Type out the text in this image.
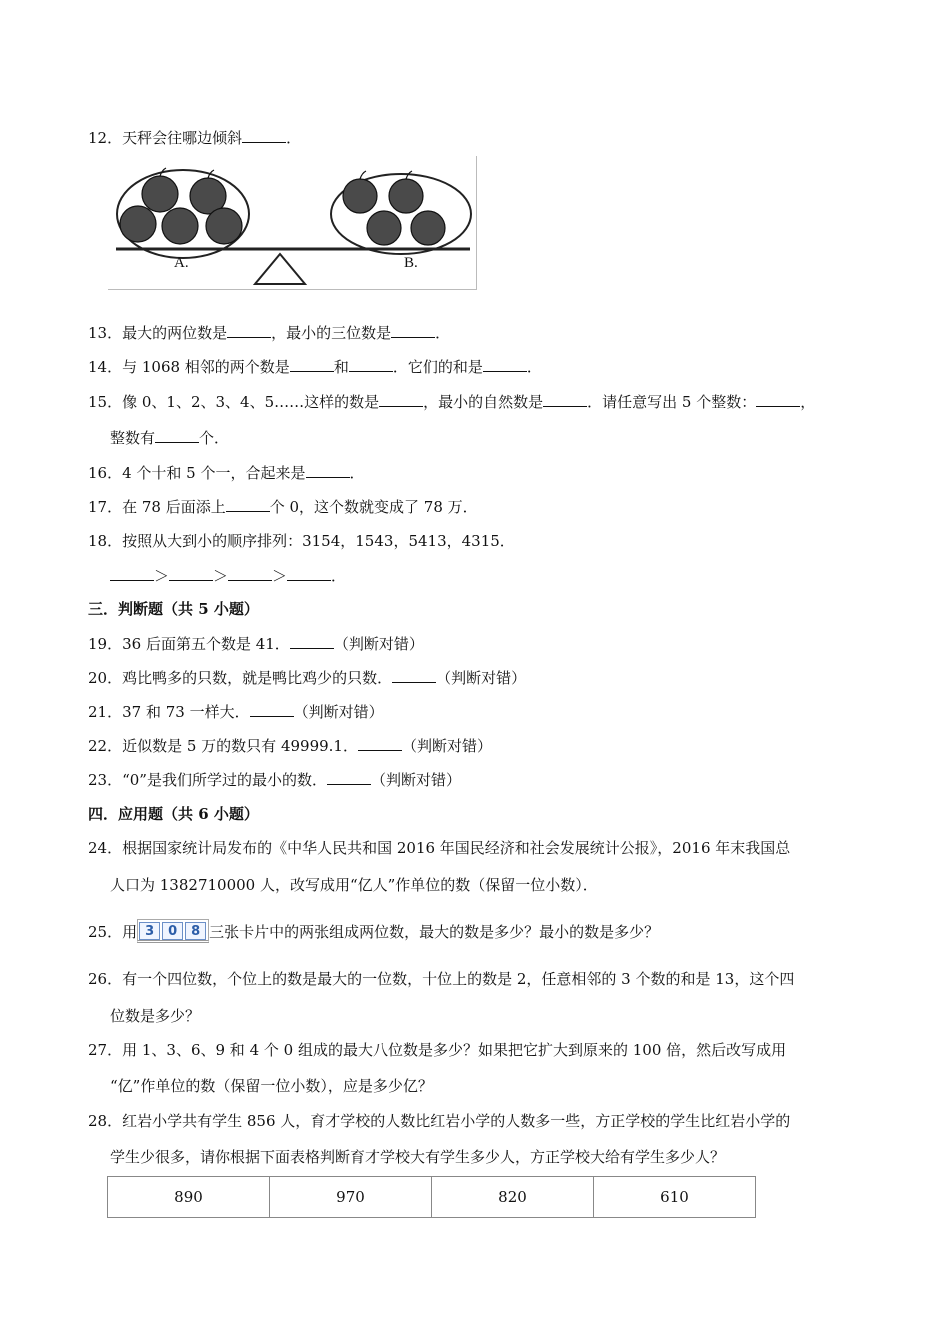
12．天秤会往哪边倾斜	．
A.	B.
13．最大的两位数是	，最小的三位数是	．
14．与 1068 相邻的两个数是	和	．它们的和是	．
15．像 0、1、2、3、4、5……这样的数是	，最小的自然数是	．请任意写出 5 个整数：	，
整数有	个．
16．4 个十和 5 个一，合起来是	．
17．在 78 后面添上	个 0，这个数就变成了 78 万．
18．按照从大到小的顺序排列：3154，1543，5413，4315．
＞	＞	＞	．
三．判断题（共 5 小题）
19．36 后面第五个数是 41．	（判断对错）
20．鸡比鸭多的只数，就是鸭比鸡少的只数．	（判断对错）
21．37 和 73 一样大．	（判断对错）
22．近似数是 5 万的数只有 49999.1．	（判断对错）
23．“0”是我们所学过的最小的数．	（判断对错）
四．应用题（共 6 小题）
24．根据国家统计局发布的《中华人民共和国 2016 年国民经济和社会发展统计公报》，2016 年末我国总
人口为 1382710000 人，改写成用“亿人”作单位的数（保留一位小数）．
25．用 3 0 8 三张卡片中的两张组成两位数，最大的数是多少？最小的数是多少？
26．有一个四位数，个位上的数是最大的一位数，十位上的数是 2，任意相邻的 3 个数的和是 13，这个四
位数是多少？
27．用 1、3、6、9 和 4 个 0 组成的最大八位数是多少？如果把它扩大到原来的 100 倍，然后改写成用
“亿”作单位的数（保留一位小数），应是多少亿？
28．红岩小学共有学生 856 人，育才学校的人数比红岩小学的人数多一些，方正学校的学生比红岩小学的
学生少很多，请你根据下面表格判断育才学校大有学生多少人，方正学校大给有学生多少人？
890	970	820	610
